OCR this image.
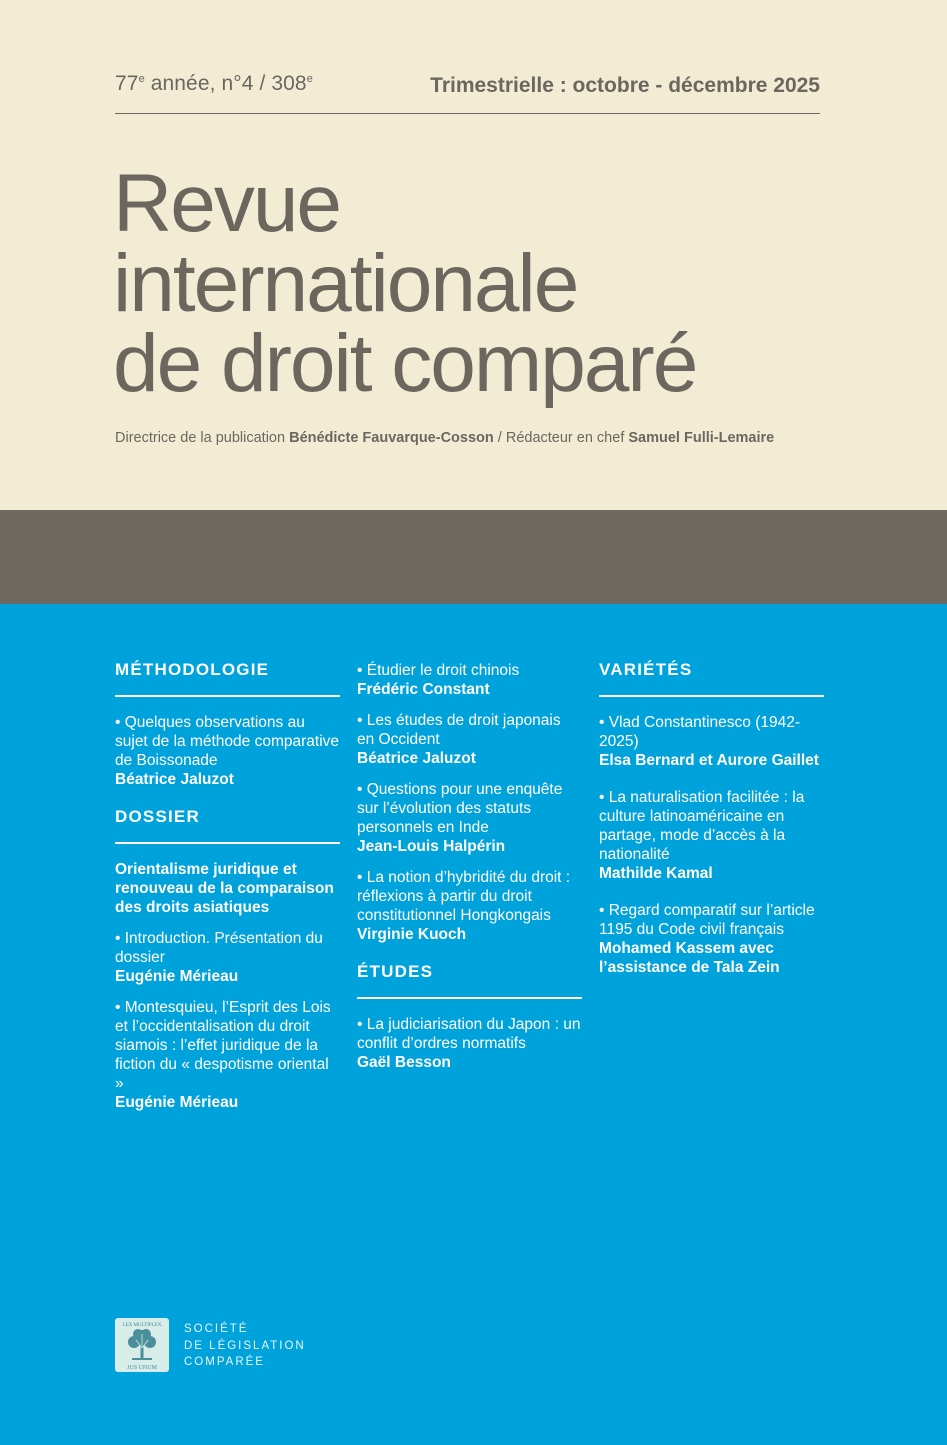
77e année, n°4 / 308e	Trimestrielle : octobre - décembre 2025
Revue
internationale
de droit comparé
Directrice de la publication Bénédicte Fauvarque-Cosson / Rédacteur en chef Samuel Fulli-Lemaire
MÉTHODOLOGIE
• Quelques observations au sujet de la méthode comparative de Boissonade
Béatrice Jaluzot
DOSSIER
Orientalisme juridique et renouveau de la comparaison des droits asiatiques
• Introduction. Présentation du dossier
Eugénie Mérieau
• Montesquieu, l’Esprit des Lois et l’occidentalisation du droit siamois : l’effet juridique de la fiction du « despotisme oriental »
Eugénie Mérieau
• Étudier le droit chinois
Frédéric Constant
• Les études de droit japonais en Occident
Béatrice Jaluzot
• Questions pour une enquête sur l’évolution des statuts personnels en Inde
Jean-Louis Halpérin
• La notion d’hybridité du droit : réflexions à partir du droit constitutionnel Hongkongais
Virginie Kuoch
ÉTUDES
• La judiciarisation du Japon : un conflit d’ordres normatifs
Gaël Besson
VARIÉTÉS
• Vlad Constantinesco (1942-2025)
Elsa Bernard et Aurore Gaillet
• La naturalisation facilitée : la culture latinoaméricaine en partage, mode d’accès à la nationalité
Mathilde Kamal
• Regard comparatif sur l’article 1195 du Code civil français
Mohamed Kassem avec l’assistance de Tala Zein
LEX MULTIPLEX
JUS UNUM
SOCIÉTÉ
DE LÉGISLATION
COMPARÉE
